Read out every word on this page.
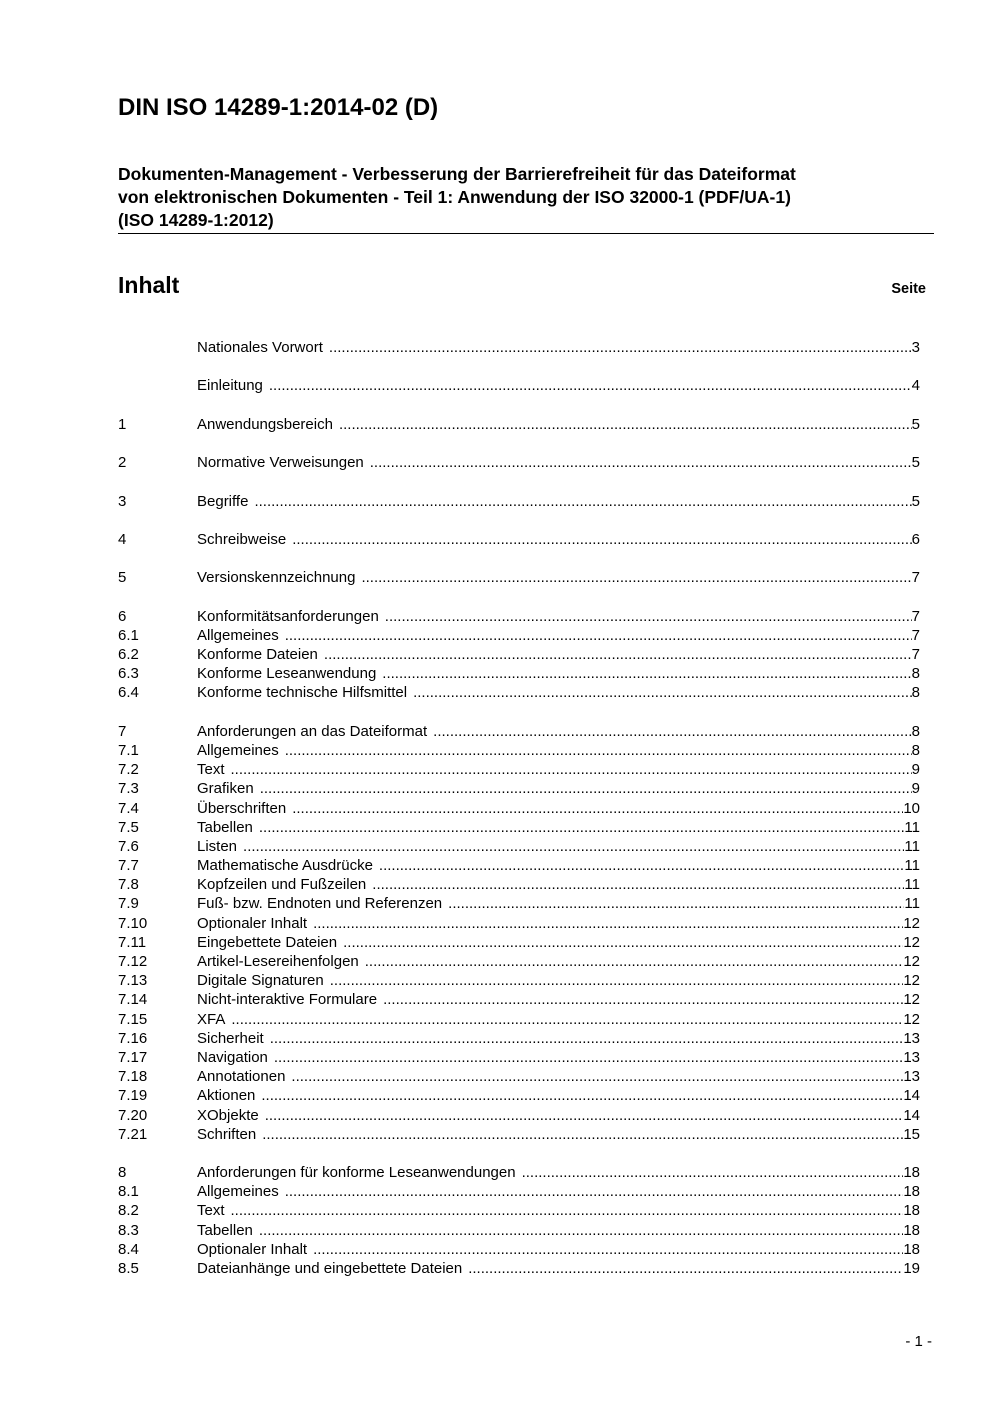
DIN ISO 14289-1:2014-02 (D)
Dokumenten-Management - Verbesserung der Barrierefreiheit für das Dateiformat
von elektronischen Dokumenten - Teil 1: Anwendung der ISO 32000-1 (PDF/UA-1)
(ISO 14289-1:2012)
Inhalt	Seite
Nationales Vorwort .....	3
Einleitung .....	4
1	Anwendungsbereich .....	5
2	Normative Verweisungen .....	5
3	Begriffe .....	5
4	Schreibweise .....	6
5	Versionskennzeichnung .....	7
6	Konformitätsanforderungen .....	7
6.1	Allgemeines .....	7
6.2	Konforme Dateien .....	7
6.3	Konforme Leseanwendung .....	8
6.4	Konforme technische Hilfsmittel .....	8
7	Anforderungen an das Dateiformat .....	8
7.1	Allgemeines .....	8
7.2	Text .....	9
7.3	Grafiken .....	9
7.4	Überschriften .....	10
7.5	Tabellen .....	11
7.6	Listen .....	11
7.7	Mathematische Ausdrücke .....	11
7.8	Kopfzeilen und Fußzeilen .....	11
7.9	Fuß- bzw. Endnoten und Referenzen .....	11
7.10	Optionaler Inhalt .....	12
7.11	Eingebettete Dateien .....	12
7.12	Artikel-Lesereihenfolgen .....	12
7.13	Digitale Signaturen .....	12
7.14	Nicht-interaktive Formulare .....	12
7.15	XFA .....	12
7.16	Sicherheit .....	13
7.17	Navigation .....	13
7.18	Annotationen .....	13
7.19	Aktionen .....	14
7.20	XObjekte .....	14
7.21	Schriften .....	15
8	Anforderungen für konforme Leseanwendungen .....	18
8.1	Allgemeines .....	18
8.2	Text .....	18
8.3	Tabellen .....	18
8.4	Optionaler Inhalt .....	18
8.5	Dateianhänge und eingebettete Dateien .....	19
- 1 -
